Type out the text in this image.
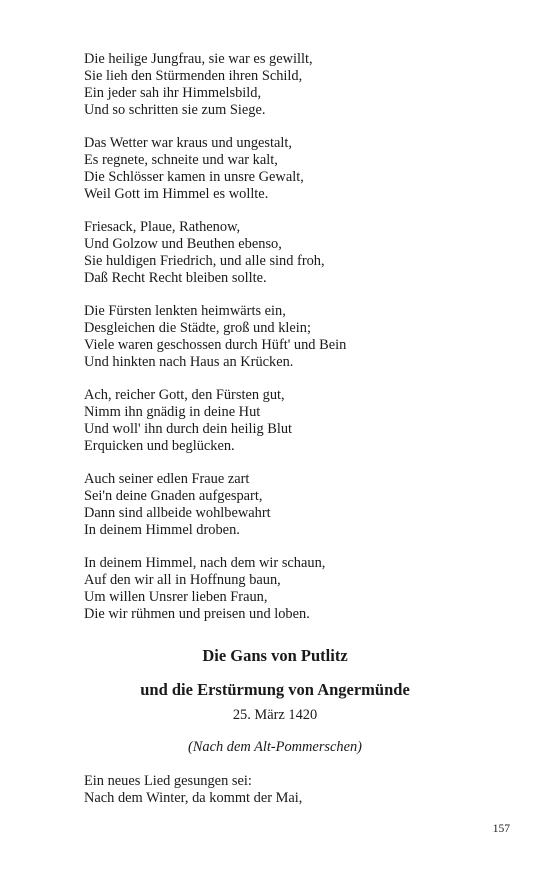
Die heilige Jungfrau, sie war es gewillt,
Sie lieh den Stürmenden ihren Schild,
Ein jeder sah ihr Himmelsbild,
Und so schritten sie zum Siege.
Das Wetter war kraus und ungestalt,
Es regnete, schneite und war kalt,
Die Schlösser kamen in unsre Gewalt,
Weil Gott im Himmel es wollte.
Friesack, Plaue, Rathenow,
Und Golzow und Beuthen ebenso,
Sie huldigen Friedrich, und alle sind froh,
Daß Recht Recht bleiben sollte.
Die Fürsten lenkten heimwärts ein,
Desgleichen die Städte, groß und klein;
Viele waren geschossen durch Hüft' und Bein
Und hinkten nach Haus an Krücken.
Ach, reicher Gott, den Fürsten gut,
Nimm ihn gnädig in deine Hut
Und woll' ihn durch dein heilig Blut
Erquicken und beglücken.
Auch seiner edlen Fraue zart
Sei'n deine Gnaden aufgespart,
Dann sind allbeide wohlbewahrt
In deinem Himmel droben.
In deinem Himmel, nach dem wir schaun,
Auf den wir all in Hoffnung baun,
Um willen Unsrer lieben Fraun,
Die wir rühmen und preisen und loben.
Die Gans von Putlitz
und die Erstürmung von Angermünde
25. März 1420
(Nach dem Alt-Pommerschen)
Ein neues Lied gesungen sei:
Nach dem Winter, da kommt der Mai,
157
